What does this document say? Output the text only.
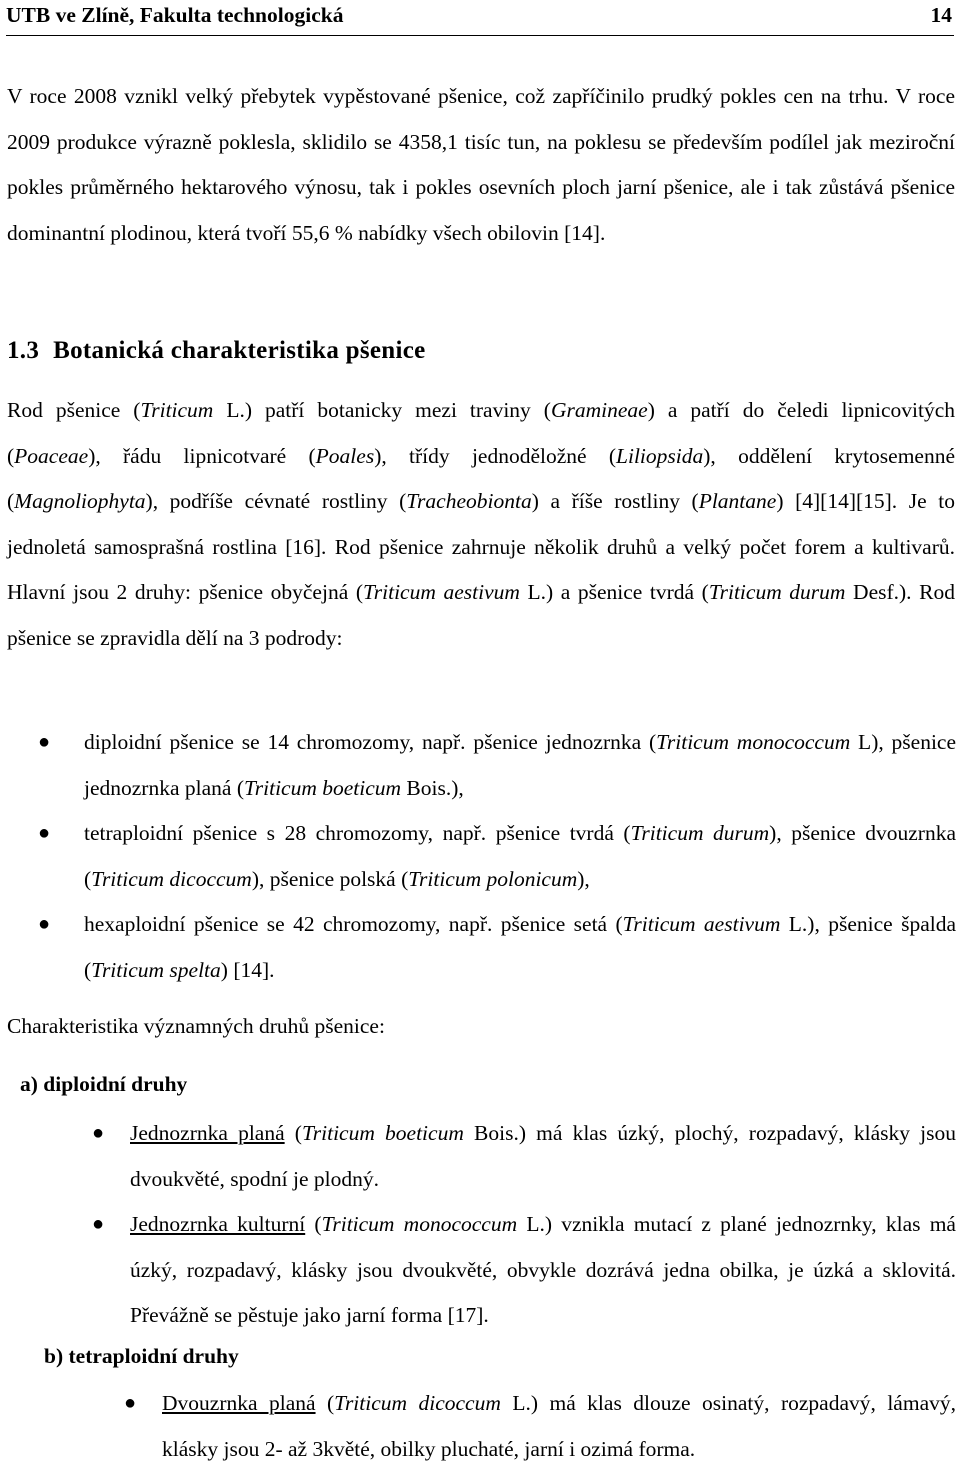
UTB ve Zlíně, Fakulta technologická	14

V roce 2008 vznikl velký přebytek vypěstované pšenice, což zapříčinilo prudký pokles cen na trhu. V roce 2009 produkce výrazně poklesla, sklidilo se 4358,1 tisíc tun, na poklesu se především podílel jak meziroční pokles průměrného hektarového výnosu, tak i pokles osevních ploch jarní pšenice, ale i tak zůstává pšenice dominantní plodinou, která tvoří 55,6 % nabídky všech obilovin [14].

1.3 Botanická charakteristika pšenice

Rod pšenice (Triticum L.) patří botanicky mezi traviny (Gramineae) a patří do čeledi lipnicovitých (Poaceae), řádu lipnicotvaré (Poales), třídy jednoděložné (Liliopsida), oddělení krytosemenné (Magnoliophyta), podříše cévnaté rostliny (Tracheobionta) a říše rostliny (Plantane) [4][14][15]. Je to jednoletá samosprašná rostlina [16]. Rod pšenice zahrnuje několik druhů a velký počet forem a kultivarů. Hlavní jsou 2 druhy: pšenice obyčejná (Triticum aestivum L.) a pšenice tvrdá (Triticum durum Desf.). Rod pšenice se zpravidla dělí na 3 podrody:

● diploidní pšenice se 14 chromozomy, např. pšenice jednozrnka (Triticum monococcum L), pšenice jednozrnka planá (Triticum boeticum Bois.),
● tetraploidní pšenice s 28 chromozomy, např. pšenice tvrdá (Triticum durum), pšenice dvouzrnka (Triticum dicoccum), pšenice polská (Triticum polonicum),
● hexaploidní pšenice se 42 chromozomy, např. pšenice setá (Triticum aestivum L.), pšenice špalda (Triticum spelta) [14].

Charakteristika významných druhů pšenice:

a) diploidní druhy
● Jednozrnka planá (Triticum boeticum Bois.) má klas úzký, plochý, rozpadavý, klásky jsou dvoukvěté, spodní je plodný.
● Jednozrnka kulturní (Triticum monococcum L.) vznikla mutací z plané jednozrnky, klas má úzký, rozpadavý, klásky jsou dvoukvěté, obvykle dozrává jedna obilka, je úzká a sklovitá. Převážně se pěstuje jako jarní forma [17].
b) tetraploidní druhy
● Dvouzrnka planá (Triticum dicoccum L.) má klas dlouze osinatý, rozpadavý, lámavý, klásky jsou 2- až 3květé, obilky pluchaté, jarní i ozimá forma.
